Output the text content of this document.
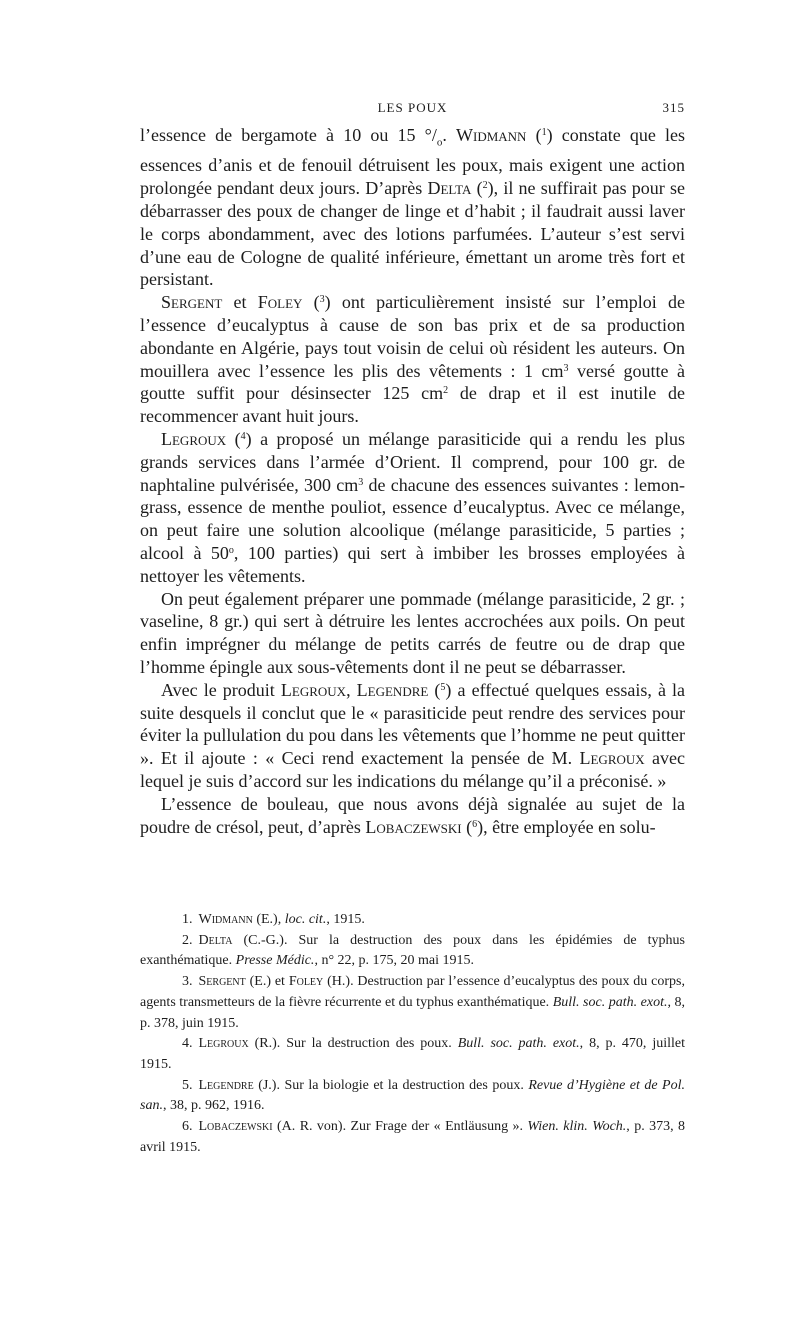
LES POUX	315

l’essence de bergamote à 10 ou 15 $^\circ/_o$. Widmann ($^1$) constate que les essences d’anis et de fenouil détruisent les poux, mais exigent une action prolongée pendant deux jours. D’après Delta ($^2$), il ne suffirait pas pour se débarrasser des poux de changer de linge et d’habit ; il faudrait aussi laver le corps abondamment, avec des lotions parfumées. L’auteur s’est servi d’une eau de Cologne de qualité inférieure, émettant un arome très fort et persistant.

Sergent et Foley ($^3$) ont particulièrement insisté sur l’emploi de l’essence d’eucalyptus à cause de son bas prix et de sa production abondante en Algérie, pays tout voisin de celui où résident les auteurs. On mouillera avec l’essence les plis des vêtements : 1 $cm^3$ versé goutte à goutte suffit pour désinsecter 125 $cm^2$ de drap et il est inutile de recommencer avant huit jours.

Legroux ($^4$) a proposé un mélange parasiticide qui a rendu les plus grands services dans l’armée d’Orient. Il comprend, pour 100 gr. de naphtaline pulvérisée, 300 $cm^3$ de chacune des essences suivantes : lemon-grass, essence de menthe pouliot, essence d’eucalyptus. Avec ce mélange, on peut faire une solution alcoolique (mélange parasiticide, 5 parties ; alcool à 50$^o$, 100 parties) qui sert à imbiber les brosses employées à nettoyer les vêtements.

On peut également préparer une pommade (mélange parasiticide, 2 gr. ; vaseline, 8 gr.) qui sert à détruire les lentes accrochées aux poils. On peut enfin imprégner du mélange de petits carrés de feutre ou de drap que l’homme épingle aux sous-vêtements dont il ne peut se débarrasser.

Avec le produit Legroux, Legendre ($^5$) a effectué quelques essais, à la suite desquels il conclut que le « parasiticide peut rendre des services pour éviter la pullulation du pou dans les vêtements que l’homme ne peut quitter ». Et il ajoute : « Ceci rend exactement la pensée de M. Legroux avec lequel je suis d’accord sur les indications du mélange qu’il a préconisé. »

L’essence de bouleau, que nous avons déjà signalée au sujet de la poudre de crésol, peut, d’après Lobaczewski ($^6$), être employée en solu-

1. Widmann (E.), loc. cit., 1915.

2. Delta (C.-G.). Sur la destruction des poux dans les épidémies de typhus exanthématique. Presse Médic., n° 22, p. 175, 20 mai 1915.

3. Sergent (E.) et Foley (H.). Destruction par l’essence d’eucalyptus des poux du corps, agents transmetteurs de la fièvre récurrente et du typhus exanthématique. Bull. soc. path. exot., 8, p. 378, juin 1915.

4. Legroux (R.). Sur la destruction des poux. Bull. soc. path. exot., 8, p. 470, juillet 1915.

5. Legendre (J.). Sur la biologie et la destruction des poux. Revue d’Hygiène et de Pol. san., 38, p. 962, 1916.

6. Lobaczewski (A. R. von). Zur Frage der « Entläusung ». Wien. klin. Woch., p. 373, 8 avril 1915.
